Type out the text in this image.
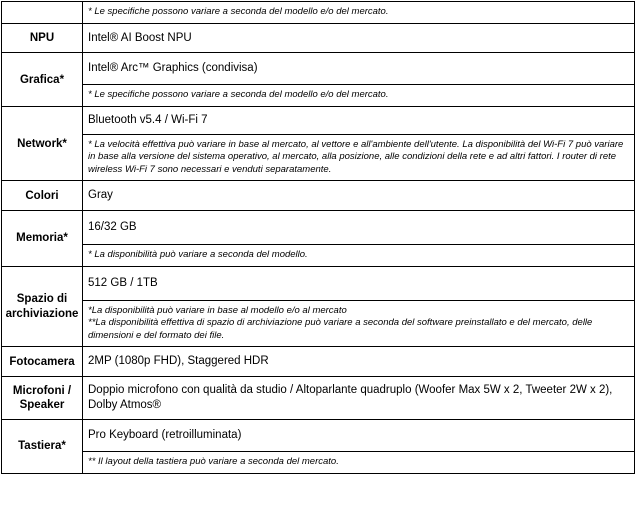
	* Le specifiche possono variare a seconda del modello e/o del mercato.

NPU	Intel® AI Boost NPU

Grafica*	Intel® Arc™ Graphics (condivisa)
* Le specifiche possono variare a seconda del modello e/o del mercato.

Network*	Bluetooth v5.4 / Wi-Fi 7
* La velocità effettiva può variare in base al mercato, al vettore e all'ambiente dell'utente. La disponibilità del Wi-Fi 7 può variare in base alla versione del sistema operativo, al mercato, alla posizione, alle condizioni della rete e ad altri fattori. I router di rete wireless Wi-Fi 7 sono necessari e venduti separatamente.

Colori	Gray

Memoria*	16/32 GB
* La disponibilità può variare a seconda del modello.

Spazio di archiviazione	512 GB / 1TB
*La disponibilità può variare in base al modello e/o al mercato
**La disponibilità effettiva di spazio di archiviazione può variare a seconda del software preinstallato e del mercato, delle dimensioni e del formato dei file.

Fotocamera	2MP (1080p FHD), Staggered HDR

Microfoni / Speaker	Doppio microfono con qualità da studio / Altoparlante quadruplo (Woofer Max 5W x 2, Tweeter 2W x 2), Dolby Atmos®

Tastiera*	Pro Keyboard (retroilluminata)
** Il layout della tastiera può variare a seconda del mercato.
